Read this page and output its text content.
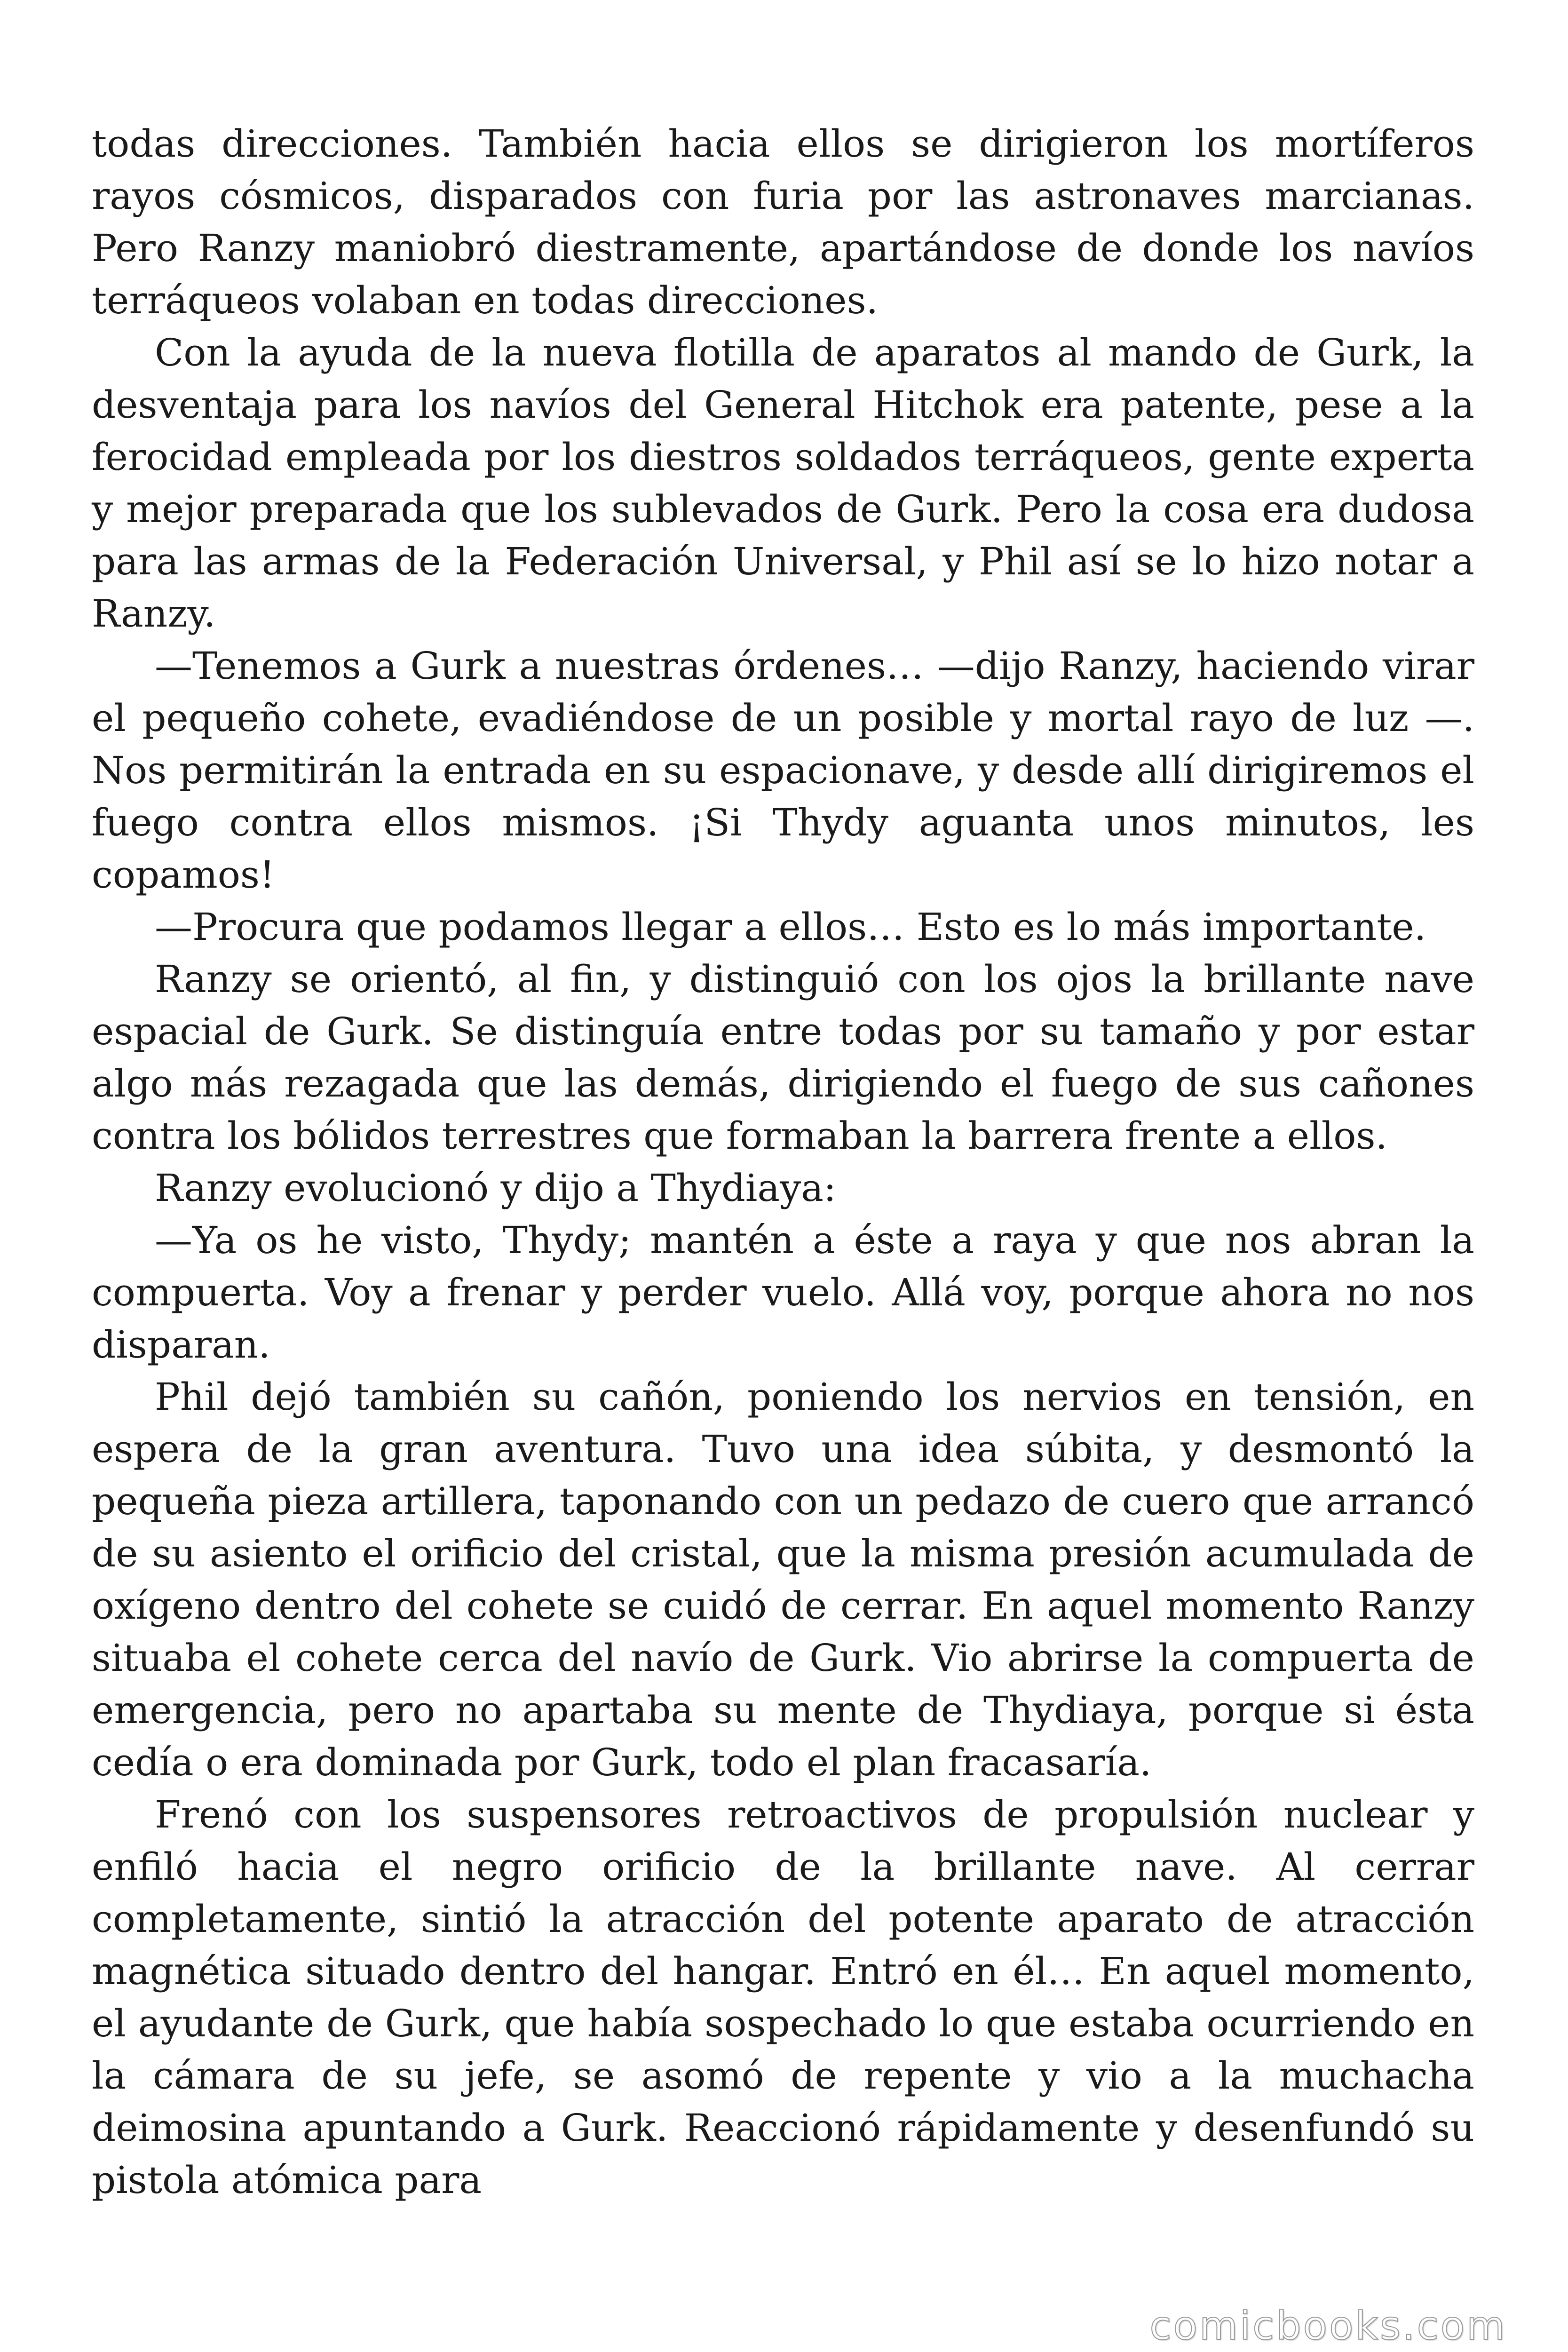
todas direcciones. También hacia ellos se dirigieron los mortíferos rayos cósmicos, disparados con furia por las astronaves marcianas. Pero Ranzy maniobró diestramente, apartándose de donde los navíos terráqueos volaban en todas direcciones.

Con la ayuda de la nueva flotilla de aparatos al mando de Gurk, la desventaja para los navíos del General Hitchok era patente, pese a la ferocidad empleada por los diestros soldados terráqueos, gente experta y mejor preparada que los sublevados de Gurk. Pero la cosa era dudosa para las armas de la Federación Universal, y Phil así se lo hizo notar a Ranzy.

—Tenemos a Gurk a nuestras órdenes… —dijo Ranzy, haciendo virar el pequeño cohete, evadiéndose de un posible y mortal rayo de luz —. Nos permitirán la entrada en su espacionave, y desde allí dirigiremos el fuego contra ellos mismos. ¡Si Thydy aguanta unos minutos, les copamos!

—Procura que podamos llegar a ellos… Esto es lo más importante.

Ranzy se orientó, al fin, y distinguió con los ojos la brillante nave espacial de Gurk. Se distinguía entre todas por su tamaño y por estar algo más rezagada que las demás, dirigiendo el fuego de sus cañones contra los bólidos terrestres que formaban la barrera frente a ellos.

Ranzy evolucionó y dijo a Thydiaya:

—Ya os he visto, Thydy; mantén a éste a raya y que nos abran la compuerta. Voy a frenar y perder vuelo. Allá voy, porque ahora no nos disparan.

Phil dejó también su cañón, poniendo los nervios en tensión, en espera de la gran aventura. Tuvo una idea súbita, y desmontó la pequeña pieza artillera, taponando con un pedazo de cuero que arrancó de su asiento el orificio del cristal, que la misma presión acumulada de oxígeno dentro del cohete se cuidó de cerrar. En aquel momento Ranzy situaba el cohete cerca del navío de Gurk. Vio abrirse la compuerta de emergencia, pero no apartaba su mente de Thydiaya, porque si ésta cedía o era dominada por Gurk, todo el plan fracasaría.

Frenó con los suspensores retroactivos de propulsión nuclear y enfiló hacia el negro orificio de la brillante nave. Al cerrar completamente, sintió la atracción del potente aparato de atracción magnética situado dentro del hangar. Entró en él… En aquel momento, el ayudante de Gurk, que había sospechado lo que estaba ocurriendo en la cámara de su jefe, se asomó de repente y vio a la muchacha deimosina apuntando a Gurk. Reaccionó rápidamente y desenfundó su pistola atómica para

comicbooks.com
